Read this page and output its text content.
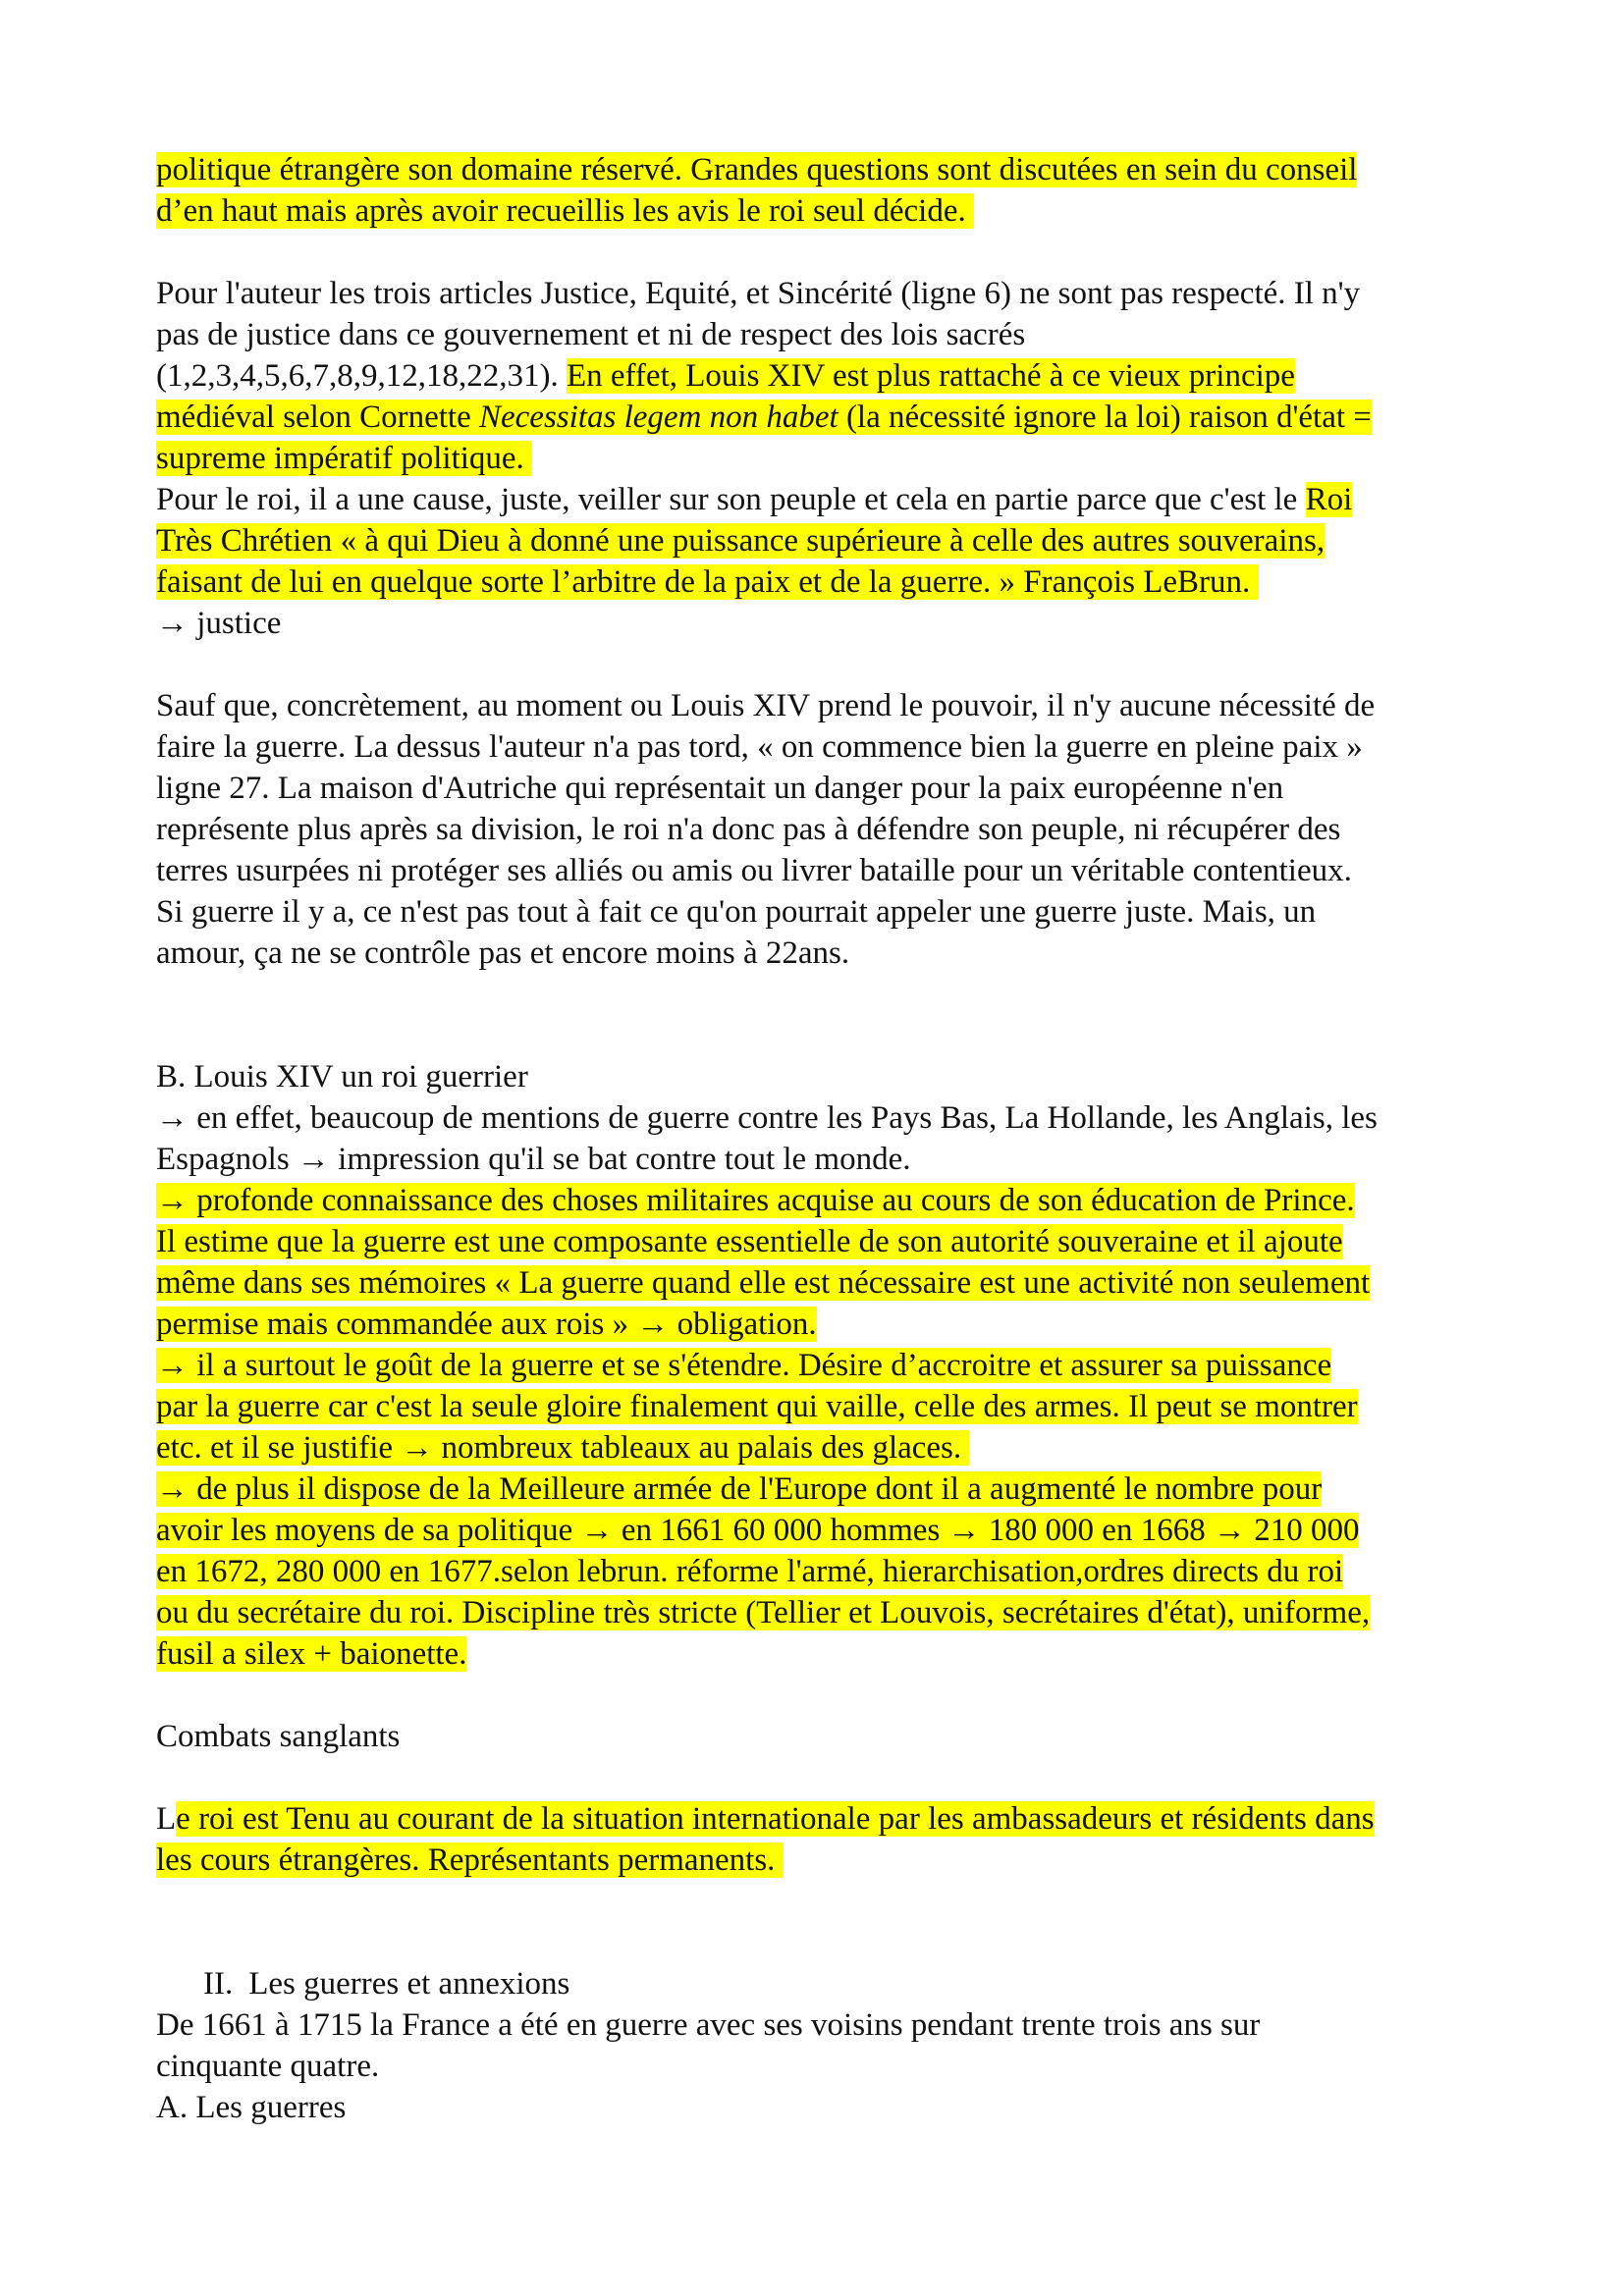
politique étrangère son domaine réservé. Grandes questions sont discutées en sein du conseil
d’en haut mais après avoir recueillis les avis le roi seul décide.
Pour l'auteur les trois articles Justice, Equité, et Sincérité (ligne 6) ne sont pas respecté. Il n'y
pas de justice dans ce gouvernement et ni de respect des lois sacrés
(1,2,3,4,5,6,7,8,9,12,18,22,31). En effet, Louis XIV est plus rattaché à ce vieux principe
médiéval selon Cornette Necessitas legem non habet (la nécessité ignore la loi) raison d'état =
supreme impératif politique.
Pour le roi, il a une cause, juste, veiller sur son peuple et cela en partie parce que c'est le Roi
Très Chrétien « à qui Dieu à donné une puissance supérieure à celle des autres souverains,
faisant de lui en quelque sorte l’arbitre de la paix et de la guerre. » François LeBrun.
→ justice
Sauf que, concrètement, au moment ou Louis XIV prend le pouvoir, il n'y aucune nécessité de
faire la guerre. La dessus l'auteur n'a pas tord, « on commence bien la guerre en pleine paix »
ligne 27. La maison d'Autriche qui représentait un danger pour la paix européenne n'en
représente plus après sa division, le roi n'a donc pas à défendre son peuple, ni récupérer des
terres usurpées ni protéger ses alliés ou amis ou livrer bataille pour un véritable contentieux.
Si guerre il y a, ce n'est pas tout à fait ce qu'on pourrait appeler une guerre juste. Mais, un
amour, ça ne se contrôle pas et encore moins à 22ans.
B. Louis XIV un roi guerrier
→ en effet, beaucoup de mentions de guerre contre les Pays Bas, La Hollande, les Anglais, les
Espagnols → impression qu'il se bat contre tout le monde.
→ profonde connaissance des choses militaires acquise au cours de son éducation de Prince.
Il estime que la guerre est une composante essentielle de son autorité souveraine et il ajoute
même dans ses mémoires « La guerre quand elle est nécessaire est une activité non seulement
permise mais commandée aux rois » → obligation.
→ il a surtout le goût de la guerre et se s'étendre. Désire d’accroitre et assurer sa puissance
par la guerre car c'est la seule gloire finalement qui vaille, celle des armes. Il peut se montrer
etc. et il se justifie → nombreux tableaux au palais des glaces.
→ de plus il dispose de la Meilleure armée de l'Europe dont il a augmenté le nombre pour
avoir les moyens de sa politique → en 1661 60 000 hommes → 180 000 en 1668 → 210 000
en 1672, 280 000 en 1677.selon lebrun. réforme l'armé, hierarchisation,ordres directs du roi
ou du secrétaire du roi. Discipline très stricte (Tellier et Louvois, secrétaires d'état), uniforme,
fusil a silex + baionette.
Combats sanglants
Le roi est Tenu au courant de la situation internationale par les ambassadeurs et résidents dans
les cours étrangères. Représentants permanents.
II. Les guerres et annexions
De 1661 à 1715 la France a été en guerre avec ses voisins pendant trente trois ans sur
cinquante quatre.
A. Les guerres
